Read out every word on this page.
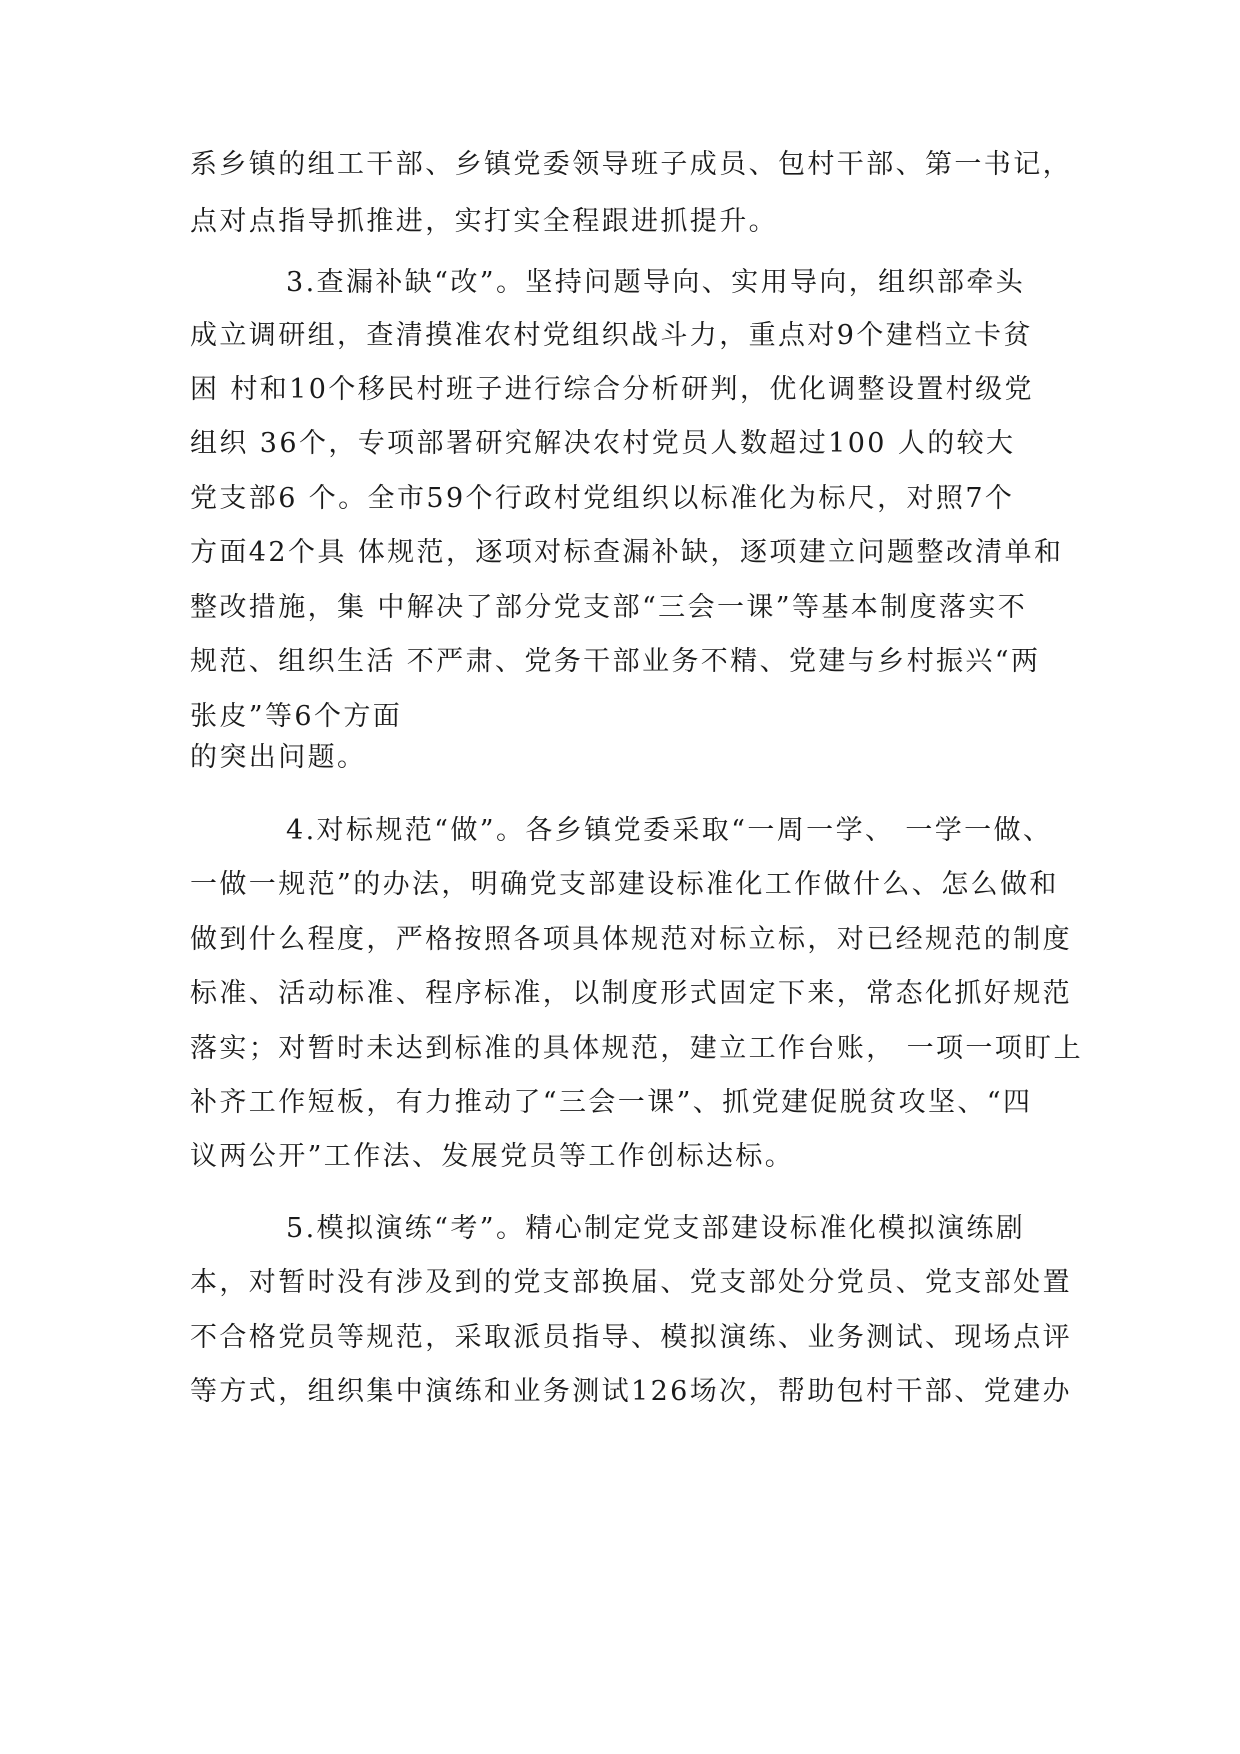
系乡镇的组工干部、乡镇党委领导班子成员、包村干部、第一书记，
点对点指导抓推进，实打实全程跟进抓提升。
3.查漏补缺“改”。坚持问题导向、实用导向，组织部牵头
成立调研组，查清摸准农村党组织战斗力，重点对9个建档立卡贫
困 村和10个移民村班子进行综合分析研判，优化调整设置村级党
组织 36个，专项部署研究解决农村党员人数超过100 人的较大
党支部6 个。全市59个行政村党组织以标准化为标尺，对照7个
方面42个具 体规范，逐项对标查漏补缺，逐项建立问题整改清单和
整改措施，集 中解决了部分党支部“三会一课”等基本制度落实不
规范、组织生活 不严肃、党务干部业务不精、党建与乡村振兴“两
张皮”等6个方面
的突出问题。
4.对标规范“做”。各乡镇党委采取“一周一学、 一学一做、
一做一规范”的办法，明确党支部建设标准化工作做什么、怎么做和
做到什么程度，严格按照各项具体规范对标立标，对已经规范的制度
标准、活动标准、程序标准，以制度形式固定下来，常态化抓好规范
落实；对暂时未达到标准的具体规范，建立工作台账， 一项一项盯上
补齐工作短板，有力推动了“三会一课”、抓党建促脱贫攻坚、“四
议两公开”工作法、发展党员等工作创标达标。
5.模拟演练“考”。精心制定党支部建设标准化模拟演练剧
本，对暂时没有涉及到的党支部换届、党支部处分党员、党支部处置
不合格党员等规范，采取派员指导、模拟演练、业务测试、现场点评
等方式，组织集中演练和业务测试126场次，帮助包村干部、党建办
